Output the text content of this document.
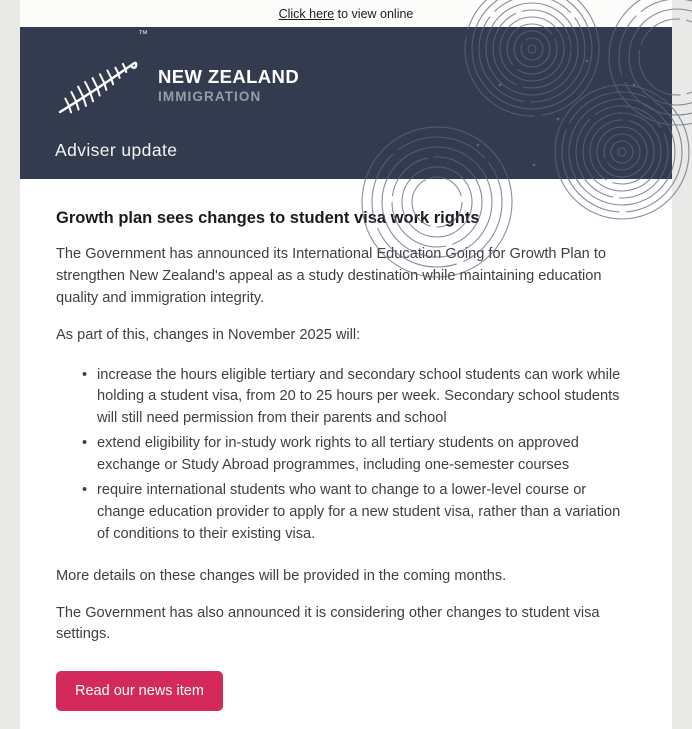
Click here to view online
™
NEW ZEALAND
IMMIGRATION
Adviser update
Growth plan sees changes to student visa work rights

The Government has announced its International Education Going for Growth Plan to strengthen New Zealand's appeal as a study destination while maintaining education quality and immigration integrity.

As part of this, changes in November 2025 will:

• increase the hours eligible tertiary and secondary school students can work while holding a student visa, from 20 to 25 hours per week. Secondary school students will still need permission from their parents and school
• extend eligibility for in-study work rights to all tertiary students on approved exchange or Study Abroad programmes, including one-semester courses
• require international students who want to change to a lower-level course or change education provider to apply for a new student visa, rather than a variation of conditions to their existing visa.

More details on these changes will be provided in the coming months.

The Government has also announced it is considering other changes to student visa settings.

Read our news item
